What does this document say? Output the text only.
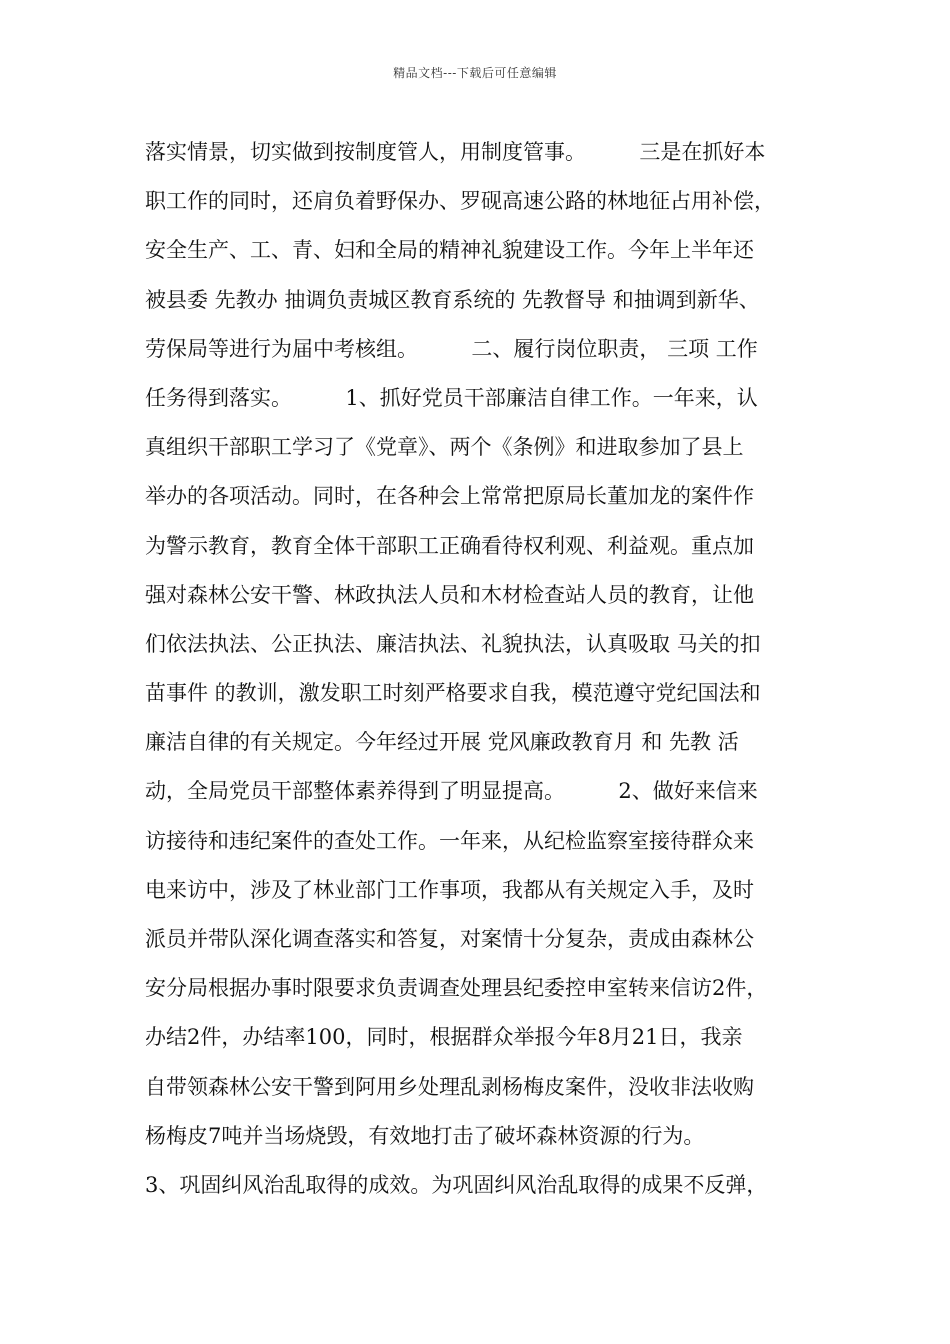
精品文档---下载后可任意编辑
落实情景，切实做到按制度管人，用制度管事。        三是在抓好本
职工作的同时，还肩负着野保办、罗砚高速公路的林地征占用补偿，
安全生产、工、青、妇和全局的精神礼貌建设工作。今年上半年还
被县委 先教办 抽调负责城区教育系统的 先教督导 和抽调到新华、
劳保局等进行为届中考核组。        二、履行岗位职责， 三项 工作
任务得到落实。        1、抓好党员干部廉洁自律工作。一年来，认
真组织干部职工学习了《党章》、两个《条例》和进取参加了县上
举办的各项活动。同时，在各种会上常常把原局长董加龙的案件作
为警示教育，教育全体干部职工正确看待权利观、利益观。重点加
强对森林公安干警、林政执法人员和木材检查站人员的教育，让他
们依法执法、公正执法、廉洁执法、礼貌执法，认真吸取 马关的扣
苗事件 的教训，激发职工时刻严格要求自我，模范遵守党纪国法和
廉洁自律的有关规定。今年经过开展 党风廉政教育月 和 先教 活
动，全局党员干部整体素养得到了明显提高。        2、做好来信来
访接待和违纪案件的查处工作。一年来，从纪检监察室接待群众来
电来访中，涉及了林业部门工作事项，我都从有关规定入手，及时
派员并带队深化调查落实和答复，对案情十分复杂，责成由森林公
安分局根据办事时限要求负责调查处理县纪委控申室转来信访2件，
办结2件，办结率100，同时，根据群众举报今年8月21日，我亲
自带领森林公安干警到阿用乡处理乱剥杨梅皮案件，没收非法收购
杨梅皮7吨并当场烧毁，有效地打击了破坏森林资源的行为。
3、巩固纠风治乱取得的成效。为巩固纠风治乱取得的成果不反弹，
